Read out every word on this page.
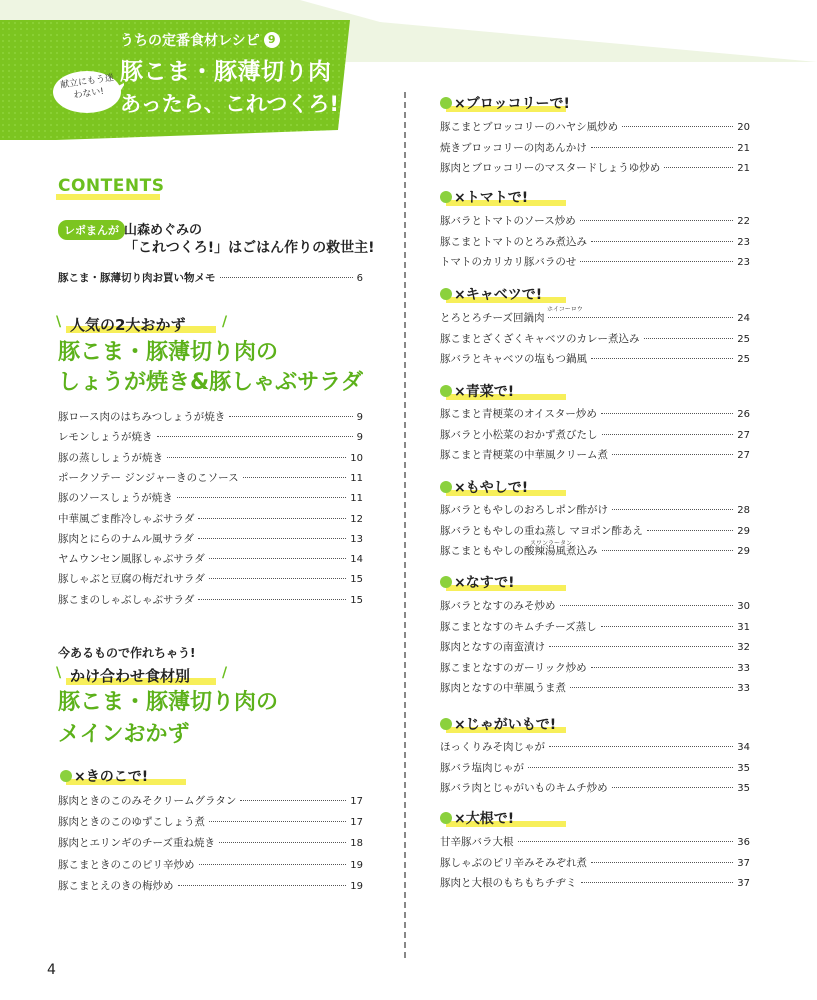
献立にもう迷わない!
うちの定番食材レシピ 9
豚こま・豚薄切り肉
あったら、これつくろ!
CONTENTS
レポまんが 山森めぐみの
「これつくろ!」はごはん作りの救世主!
豚こま・豚薄切り肉お買い物メモ	6
\ 人気の2大おかず	/
豚こま・豚薄切り肉の
しょうが焼き&豚しゃぶサラダ
豚ロース肉のはちみつしょうが焼き	9
レモンしょうが焼き	9
豚の蒸ししょうが焼き	10
ポークソテー ジンジャーきのこソース	11
豚のソースしょうが焼き	11
中華風ごま酢冷しゃぶサラダ	12
豚肉とにらのナムル風サラダ	13
ヤムウンセン風豚しゃぶサラダ	14
豚しゃぶと豆腐の梅だれサラダ	15
豚こまのしゃぶしゃぶサラダ	15
今あるもので作れちゃう!
\ かけ合わせ食材別 /
豚こま・豚薄切り肉の
メインおかず
×きのこで!
豚肉ときのこのみそクリームグラタン	17
豚肉ときのこのゆずこしょう煮	17
豚肉とエリンギのチーズ重ね焼き	18
豚こまときのこのピリ辛炒め	19
豚こまとえのきの梅炒め	19
×ブロッコリーで!
豚こまとブロッコリーのハヤシ風炒め	20
焼きブロッコリーの肉あんかけ	21
豚肉とブロッコリーのマスタードしょうゆ炒め	21
×トマトで!
豚バラとトマトのソース炒め	22
豚こまとトマトのとろみ煮込み	23
トマトのカリカリ豚バラのせ	23
×キャベツで!
とろとろチーズ回鍋肉	24
豚こまとざくざくキャベツのカレー煮込み	25
豚バラとキャベツの塩もつ鍋風	25
×青菜で!
豚こまと青梗菜のオイスター炒め	26
豚バラと小松菜のおかず煮びたし	27
豚こまと青梗菜の中華風クリーム煮	27
×もやしで!
豚バラともやしのおろしポン酢がけ	28
豚バラともやしの重ね蒸し マヨポン酢あえ	29
豚こまともやしの酸辣湯風煮込み	29
×なすで!
豚バラとなすのみそ炒め	30
豚こまとなすのキムチチーズ蒸し	31
豚肉となすの南蛮漬け	32
豚こまとなすのガーリック炒め	33
豚肉となすの中華風うま煮	33
×じゃがいもで!
ほっくりみそ肉じゃが	34
豚バラ塩肉じゃが	35
豚バラ肉とじゃがいものキムチ炒め	35
×大根で!
甘辛豚バラ大根	36
豚しゃぶのピリ辛みそみぞれ煮	37
豚肉と大根のもちもちチヂミ	37
ホイコーロウ
スワンラータン
4
